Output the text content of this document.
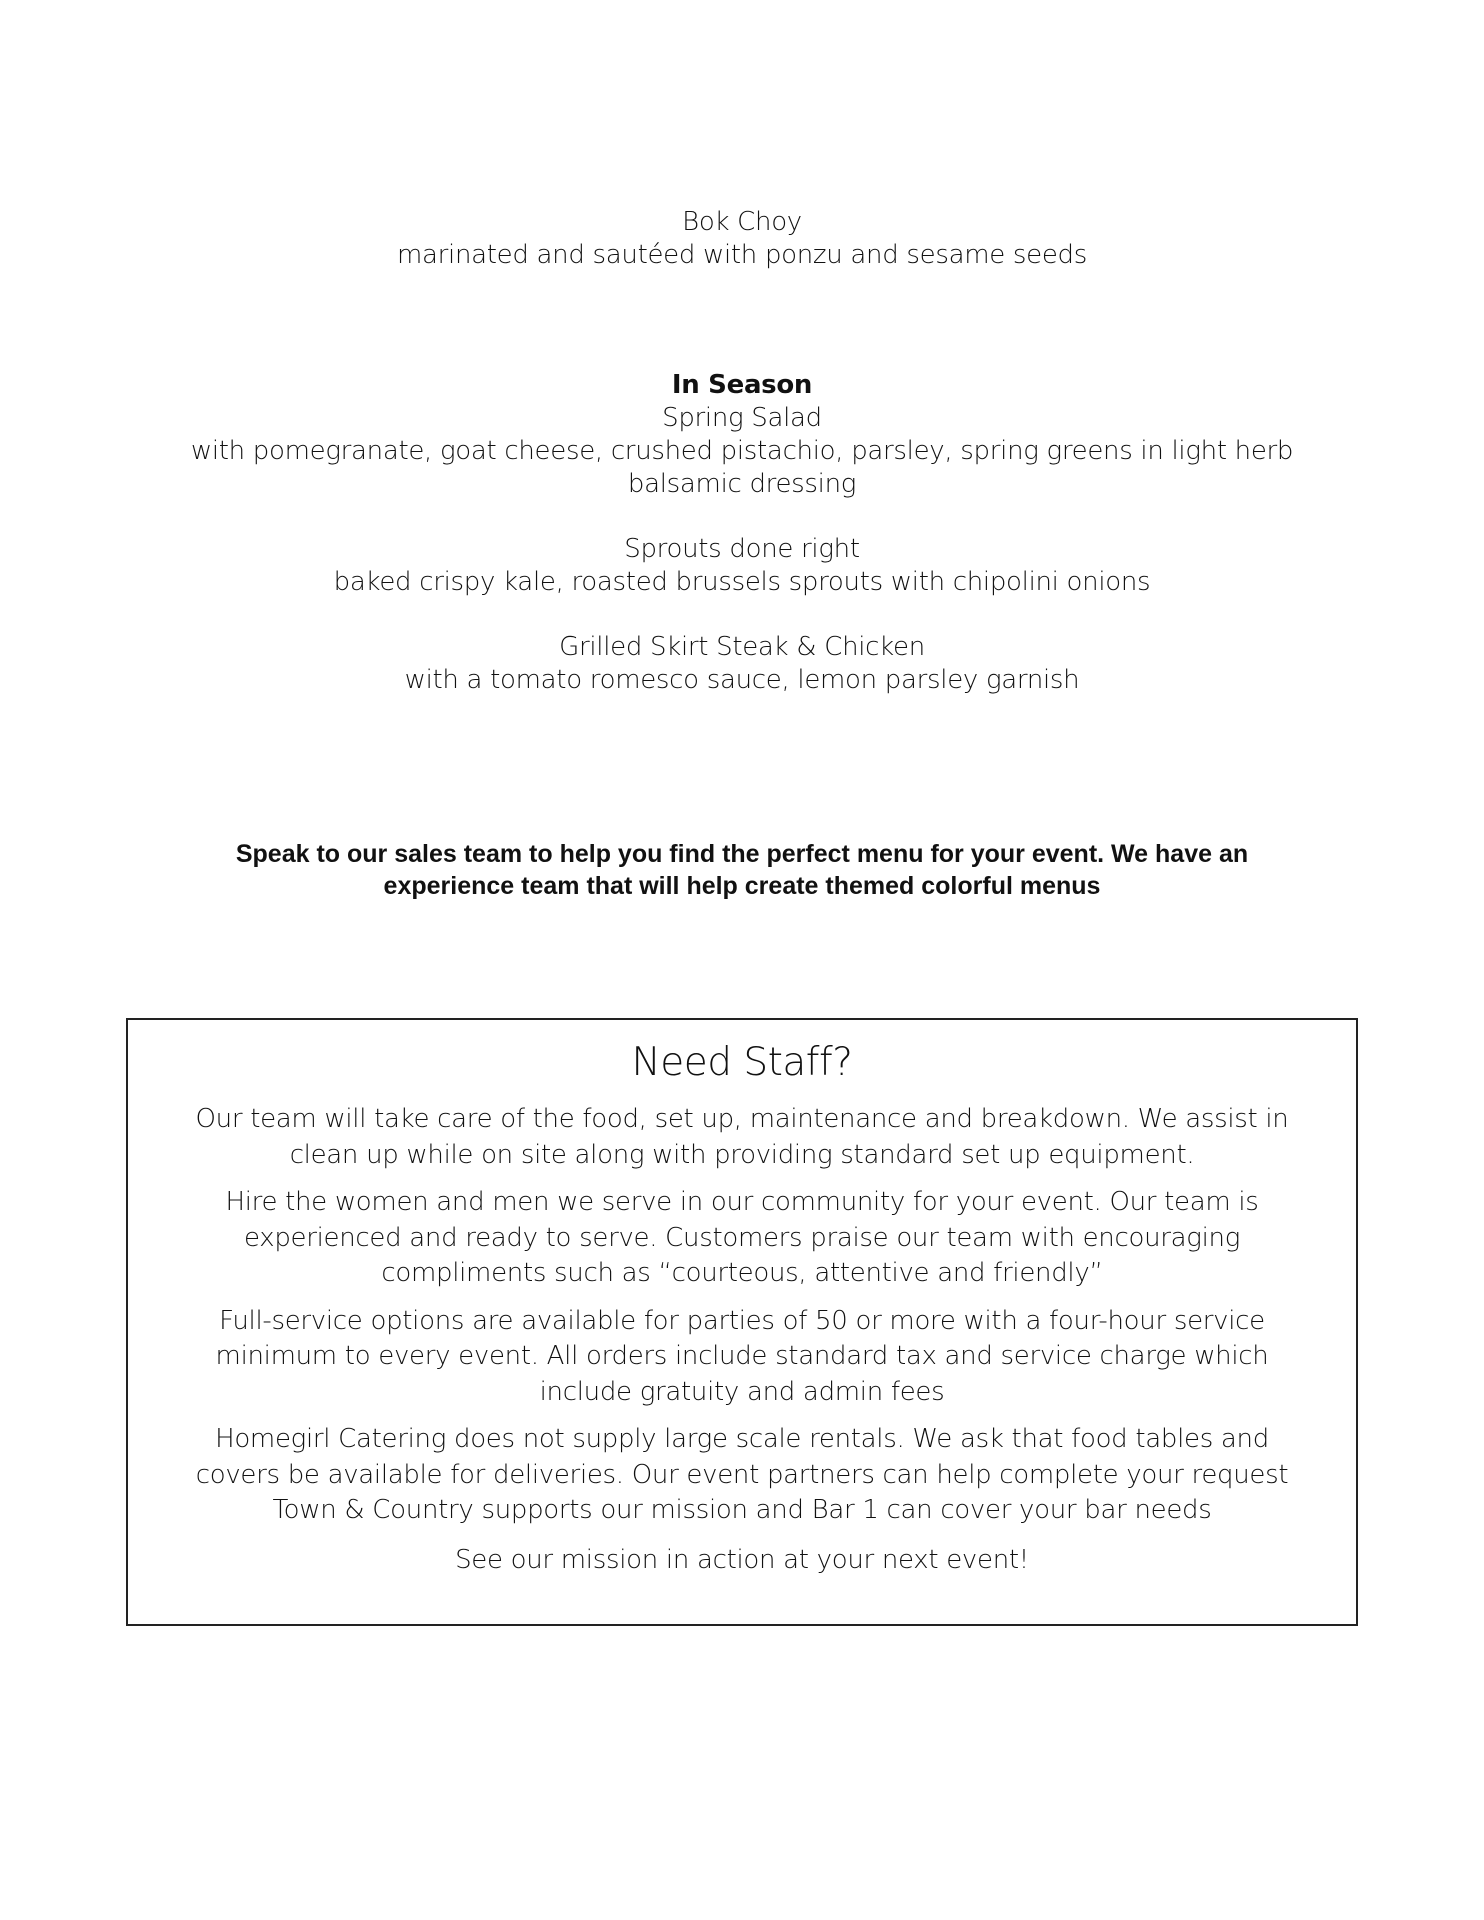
Bok Choy
marinated and sautéed with ponzu and sesame seeds
In Season
Spring Salad
with pomegranate, goat cheese, crushed pistachio, parsley, spring greens in light herb balsamic dressing
Sprouts done right
baked crispy kale, roasted brussels sprouts with chipolini onions
Grilled Skirt Steak & Chicken
with a tomato romesco sauce, lemon parsley garnish
Speak to our sales team to help you find the perfect menu for your event. We have an experience team that will help create themed colorful menus
Need Staff?
Our team will take care of the food, set up, maintenance and breakdown. We assist in clean up while on site along with providing standard set up equipment.
Hire the women and men we serve in our community for your event. Our team is experienced and ready to serve. Customers praise our team with encouraging compliments such as “courteous, attentive and friendly”
Full-service options are available for parties of 50 or more with a four-hour service minimum to every event. All orders include standard tax and service charge which include gratuity and admin fees
Homegirl Catering does not supply large scale rentals. We ask that food tables and covers be available for deliveries. Our event partners can help complete your request Town & Country supports our mission and Bar 1 can cover your bar needs
See our mission in action at your next event!
